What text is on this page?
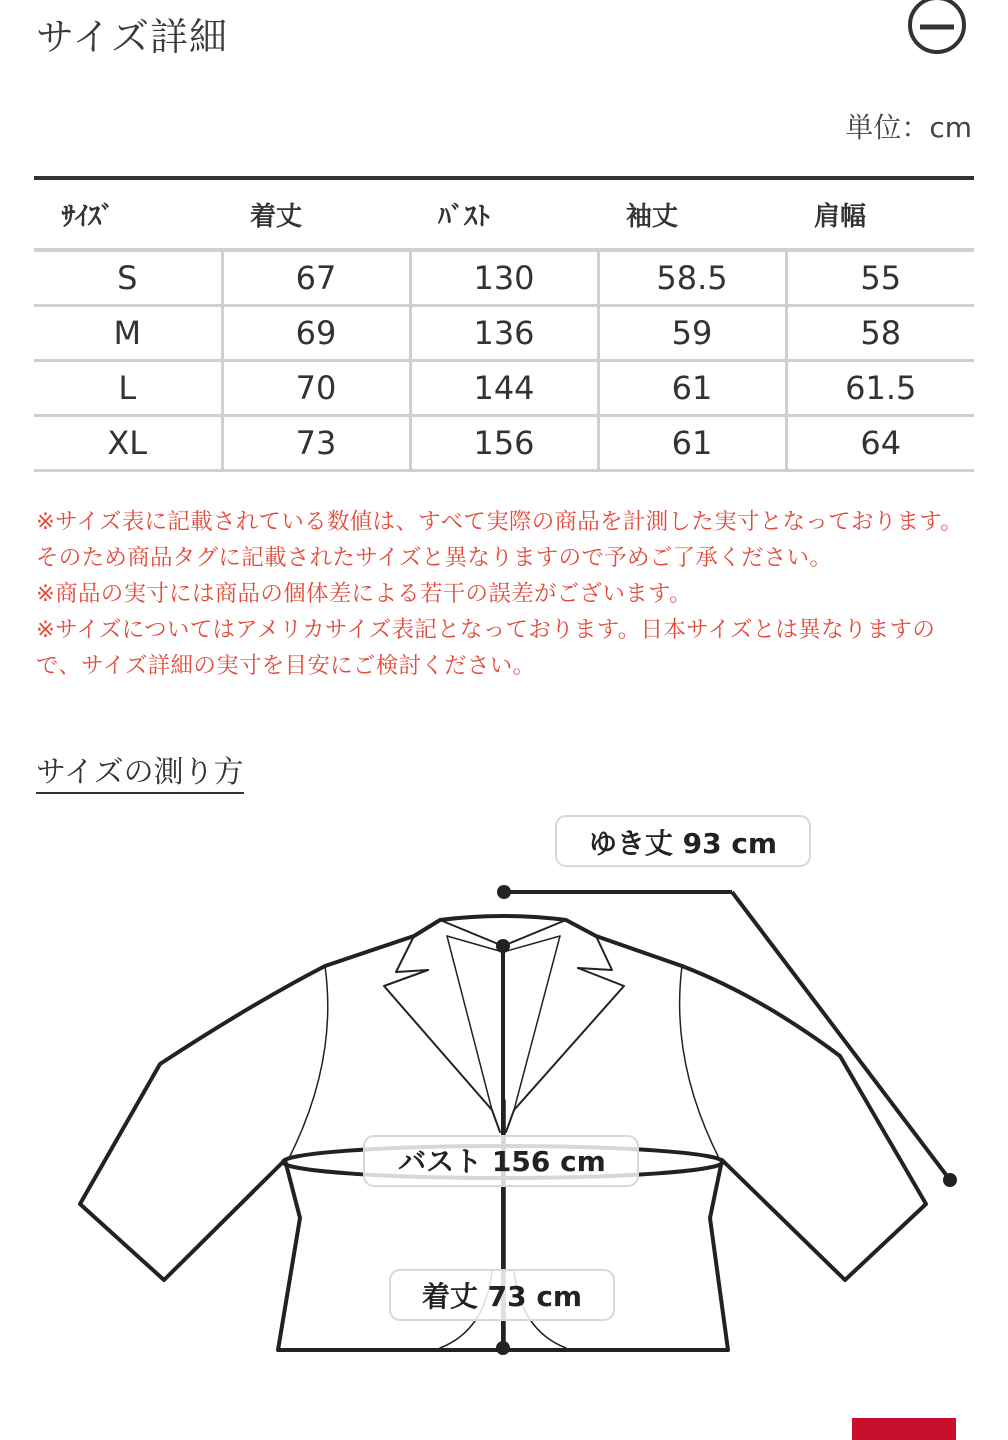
サイズ詳細
単位：cm
ｻｲｽﾞ	着丈	ﾊﾞｽﾄ	袖丈	肩幅
S	67	130	58.5	55
M	69	136	59	58
L	70	144	61	61.5
XL	73	156	61	64

※サイズ表に記載されている数値は、すべて実際の商品を計測した実寸となっております。 そのため商品タグに記載されたサイズと異なりますので予めご了承ください。

※商品の実寸には商品の個体差による若干の誤差がございます。

※サイズについてはアメリカサイズ表記となっております。日本サイズとは異なりますので、サイズ詳細の実寸を目安にご検討ください。

サイズの測り方
ゆき丈 93 cm
バスト 156 cm
着丈 73 cm
